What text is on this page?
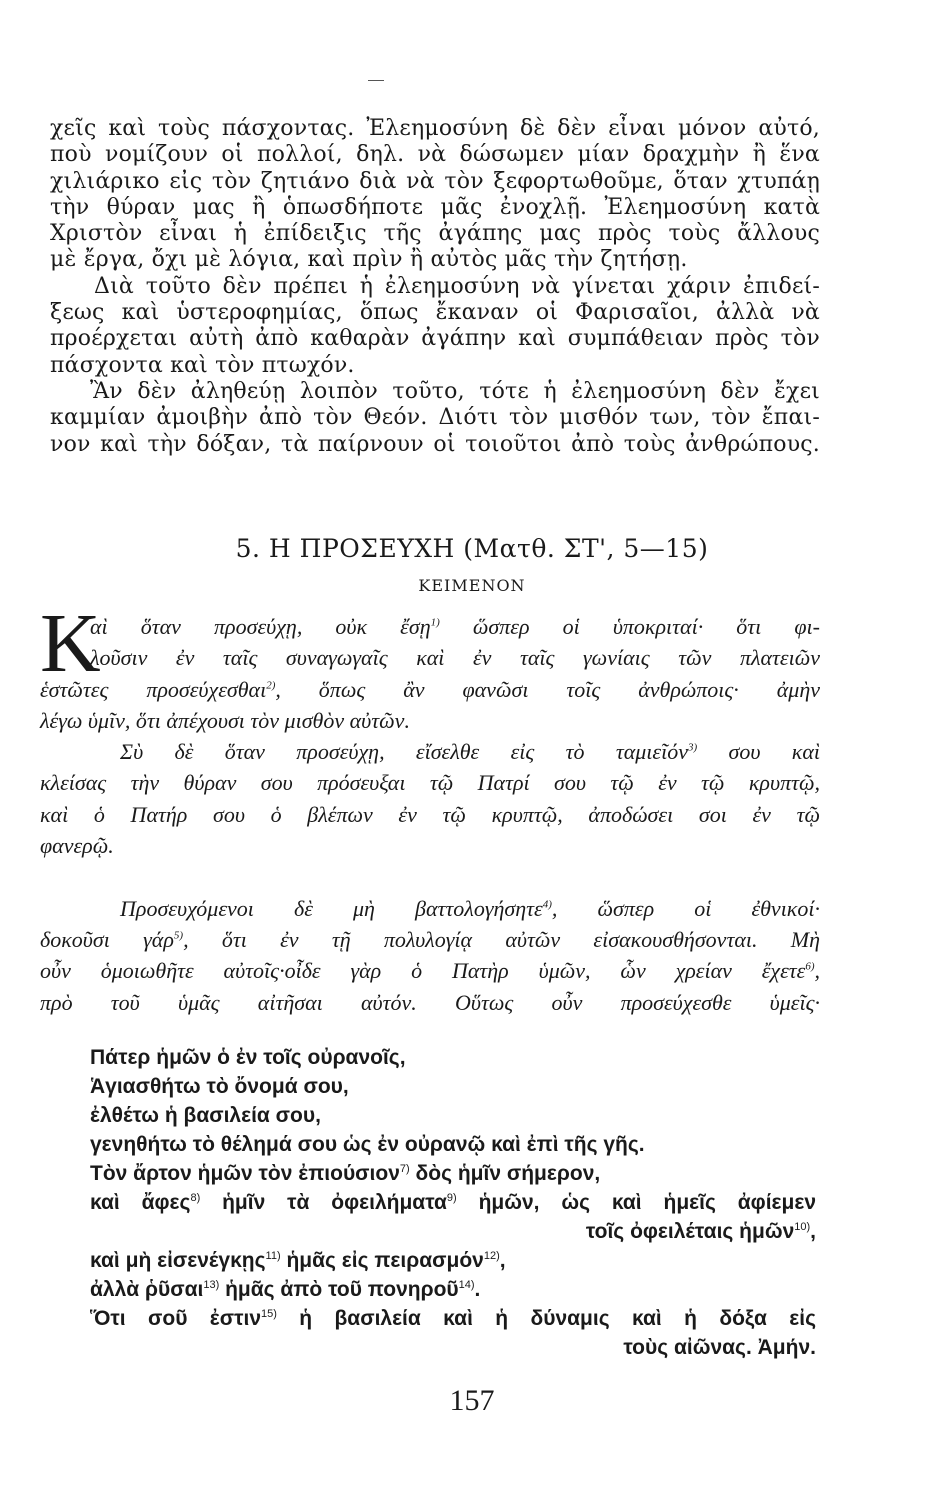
χεῖς καὶ τοὺς πάσχοντας. Ἐλεημοσύνη δὲ δὲν εἶναι μόνον αὐτό,
ποὺ νομίζουν οἱ πολλοί, δηλ. νὰ δώσωμεν μίαν δραχμὴν ἢ ἕνα
χιλιάρικο εἰς τὸν ζητιάνο διὰ νὰ τὸν ξεφορτωθοῦμε, ὅταν χτυπάῃ
τὴν θύραν μας ἢ ὁπωσδήποτε μᾶς ἐνοχλῇ. Ἐλεημοσύνη κατὰ
Χριστὸν εἶναι ἡ ἐπίδειξις τῆς ἀγάπης μας πρὸς τοὺς ἄλλους
μὲ ἔργα, ὄχι μὲ λόγια, καὶ πρὶν ἢ αὐτὸς μᾶς τὴν ζητήσῃ.
Διὰ τοῦτο δὲν πρέπει ἡ ἐλεημοσύνη νὰ γίνεται χάριν ἐπιδεί-
ξεως καὶ ὑστεροφημίας, ὅπως ἔκαναν οἱ Φαρισαῖοι, ἀλλὰ νὰ
προέρχεται αὐτὴ ἀπὸ καθαρὰν ἀγάπην καὶ συμπάθειαν πρὸς τὸν
πάσχοντα καὶ τὸν πτωχόν.
Ἂν δὲν ἀληθεύῃ λοιπὸν τοῦτο, τότε ἡ ἐλεημοσύνη δὲν ἔχει
καμμίαν ἀμοιβὴν ἀπὸ τὸν Θεόν. Διότι τὸν μισθόν των, τὸν ἔπαι-
νον καὶ τὴν δόξαν, τὰ παίρνουν οἱ τοιοῦτοι ἀπὸ τοὺς ἀνθρώπους.
5. Η ΠΡΟΣΕΥΧΗ (Ματθ. ΣΤ', 5—15)
ΚΕΙΜΕΝΟΝ
Κ
αὶ ὅταν προσεύχῃ, οὐκ ἔσῃ$^{1)}$ ὥσπερ οἱ ὑποκριταί· ὅτι φι-
λοῦσιν ἐν ταῖς συναγωγαῖς καὶ ἐν ταῖς γωνίαις τῶν πλατειῶν
ἑστῶτες προσεύχεσθαι$^{2)}$, ὅπως ἂν φανῶσι τοῖς ἀνθρώποις· ἀμὴν
λέγω ὑμῖν, ὅτι ἀπέχουσι τὸν μισθὸν αὐτῶν.
Σὺ δὲ ὅταν προσεύχῃ, εἴσελθε εἰς τὸ ταμιεῖόν$^{3)}$ σου καὶ
κλείσας τὴν θύραν σου πρόσευξαι τῷ Πατρί σου τῷ ἐν τῷ κρυπτῷ,
καὶ ὁ Πατήρ σου ὁ βλέπων ἐν τῷ κρυπτῷ, ἀποδώσει σοι ἐν τῷ
φανερῷ.
Προσευχόμενοι δὲ μὴ βαττολογήσητε$^{4)}$, ὥσπερ οἱ ἐθνικοί·
δοκοῦσι γάρ$^{5)}$, ὅτι ἐν τῇ πολυλογίᾳ αὐτῶν εἰσακουσθήσονται. Μὴ
οὖν ὁμοιωθῆτε αὐτοῖς·οἶδε γὰρ ὁ Πατὴρ ὑμῶν, ὧν χρείαν ἔχετε$^{6)}$,
πρὸ τοῦ ὑμᾶς αἰτῆσαι αὐτόν. Οὕτως οὖν προσεύχεσθε ὑμεῖς·
Πάτερ ἡμῶν ὁ ἐν τοῖς οὐρανοῖς,
Ἁγιασθήτω τὸ ὄνομά σου,
ἐλθέτω ἡ βασιλεία σου,
γενηθήτω τὸ θέλημά σου ὡς ἐν οὐρανῷ καὶ ἐπὶ τῆς γῆς.
Τὸν ἄρτον ἡμῶν τὸν ἐπιούσιον$^{7)}$ δὸς ἡμῖν σήμερον,
καὶ ἄφες$^{8)}$ ἡμῖν τὰ ὀφειλήματα$^{9)}$ ἡμῶν, ὡς καὶ ἡμεῖς ἀφίεμεν
τοῖς ὀφειλέταις ἡμῶν$^{10)}$,
καὶ μὴ εἰσενέγκῃς$^{11)}$ ἡμᾶς εἰς πειρασμόν$^{12)}$,
ἀλλὰ ῥῦσαι$^{13)}$ ἡμᾶς ἀπὸ τοῦ πονηροῦ$^{14)}$.
Ὅτι σοῦ ἐστιν$^{15)}$ ἡ βασιλεία καὶ ἡ δύναμις καὶ ἡ δόξα εἰς
τοὺς αἰῶνας. Ἀμήν.
157
